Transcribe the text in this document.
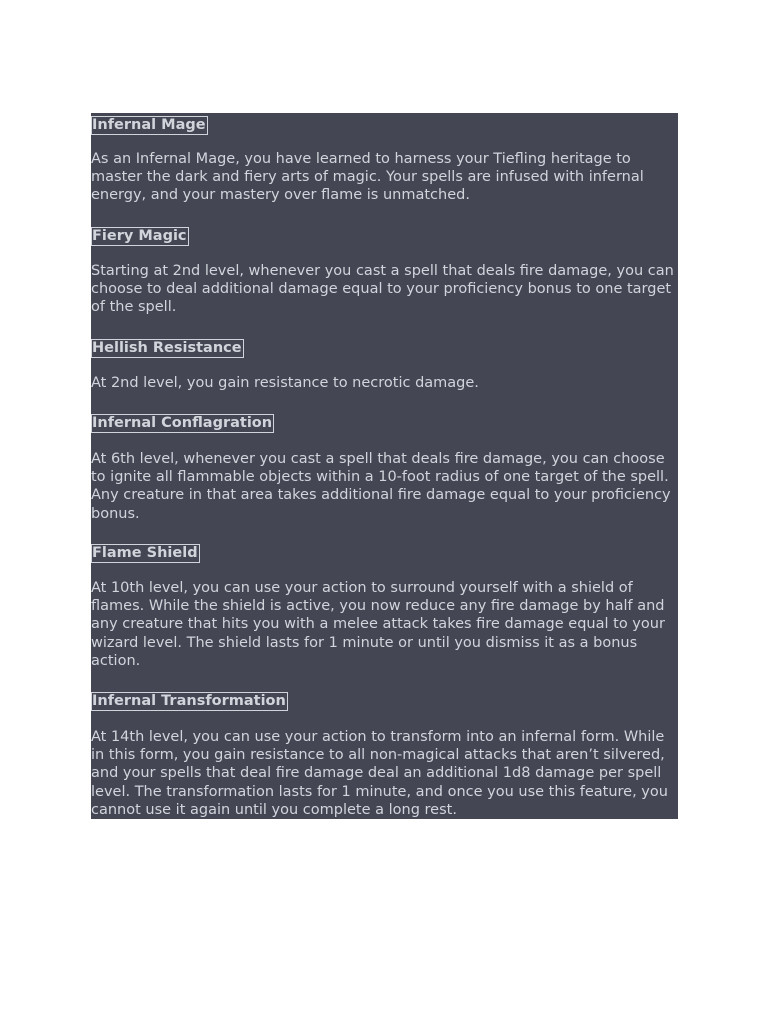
Infernal Mage

As an Infernal Mage, you have learned to harness your Tiefling heritage to master the dark and fiery arts of magic. Your spells are infused with infernal energy, and your mastery over flame is unmatched.

Fiery Magic

Starting at 2nd level, whenever you cast a spell that deals fire damage, you can choose to deal additional damage equal to your proficiency bonus to one target of the spell.

Hellish Resistance

At 2nd level, you gain resistance to necrotic damage.

Infernal Conflagration

At 6th level, whenever you cast a spell that deals fire damage, you can choose to ignite all flammable objects within a 10-foot radius of one target of the spell. Any creature in that area takes additional fire damage equal to your proficiency bonus.

Flame Shield

At 10th level, you can use your action to surround yourself with a shield of flames. While the shield is active, you now reduce any fire damage by half and any creature that hits you with a melee attack takes fire damage equal to your wizard level. The shield lasts for 1 minute or until you dismiss it as a bonus action.

Infernal Transformation

At 14th level, you can use your action to transform into an infernal form. While in this form, you gain resistance to all non-magical attacks that aren’t silvered, and your spells that deal fire damage deal an additional 1d8 damage per spell level. The transformation lasts for 1 minute, and once you use this feature, you cannot use it again until you complete a long rest.
